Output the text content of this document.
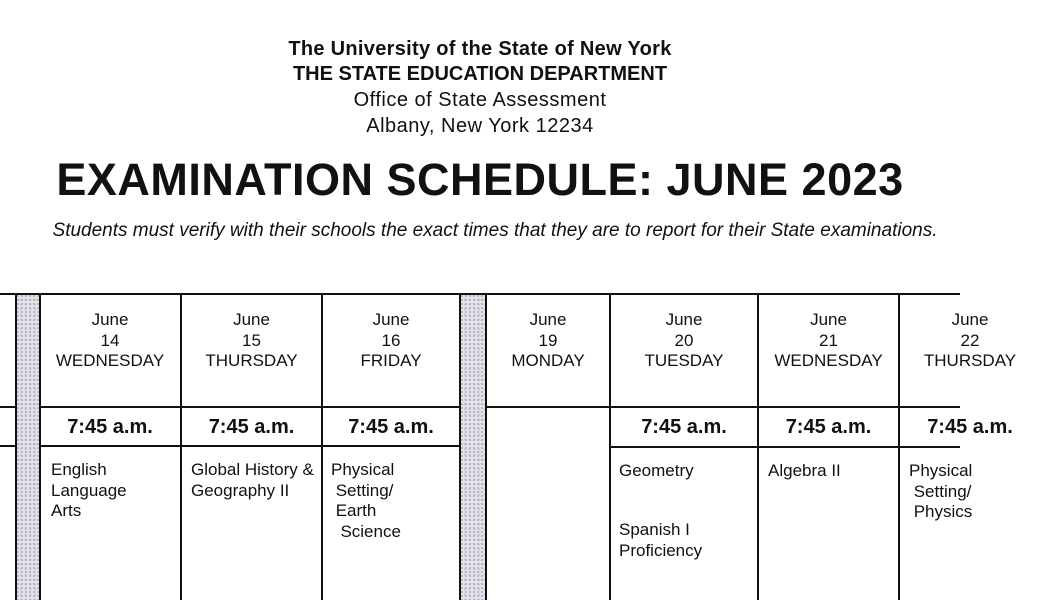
The University of the State of New York
THE STATE EDUCATION DEPARTMENT
Office of State Assessment
Albany, New York 12234
EXAMINATION SCHEDULE: JUNE 2023
Students must verify with their schools the exact times that they are to report for their State examinations.
June
14
WEDNESDAY
7:45 a.m.
English
Language
Arts
June
15
THURSDAY
7:45 a.m.
Global History &
Geography II
June
16
FRIDAY
7:45 a.m.
Physical
Setting/
Earth
Science
June
19
MONDAY
June
20
TUESDAY
7:45 a.m.
Geometry
Spanish I
Proficiency
June
21
WEDNESDAY
7:45 a.m.
Algebra II
June
22
THURSDAY
7:45 a.m.
Physical
Setting/
Physics
